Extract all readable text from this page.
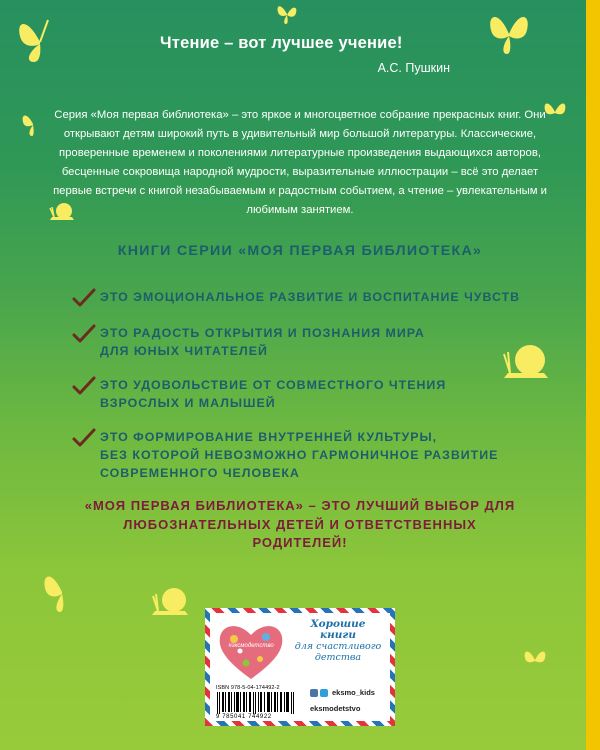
Чтение – вот лучшее учение!
А.С. Пушкин
Серия «Моя первая библиотека» – это яркое и многоцветное собрание прекрасных книг. Они открывают детям широкий путь в удивительный мир большой литературы. Классические, проверенные временем и поколениями литературные произведения выдающихся авторов, бесценные сокровища народной мудрости, выразительные иллюстрации – всё это делает первые встречи с книгой незабываемым и радостным событием, а чтение – увлекательным и любимым занятием.
КНИГИ СЕРИИ «МОЯ ПЕРВАЯ БИБЛИОТЕКА»
ЭТО ЭМОЦИОНАЛЬНОЕ РАЗВИТИЕ И ВОСПИТАНИЕ ЧУВСТВ
ЭТО РАДОСТЬ ОТКРЫТИЯ И ПОЗНАНИЯ МИРА
ДЛЯ ЮНЫХ ЧИТАТЕЛЕЙ
ЭТО УДОВОЛЬСТВИЕ ОТ СОВМЕСТНОГО ЧТЕНИЯ
ВЗРОСЛЫХ И МАЛЫШЕЙ
ЭТО ФОРМИРОВАНИЕ ВНУТРЕННЕЙ КУЛЬТУРЫ,
БЕЗ КОТОРОЙ НЕВОЗМОЖНО ГАРМОНИЧНОЕ РАЗВИТИЕ
СОВРЕМЕННОГО ЧЕЛОВЕКА
«МОЯ ПЕРВАЯ БИБЛИОТЕКА» – ЭТО ЛУЧШИЙ ВЫБОР ДЛЯ ЛЮБОЗНАТЕЛЬНЫХ ДЕТЕЙ И ОТВЕТСТВЕННЫХ РОДИТЕЛЕЙ!
#эксмодетство
Хорошие
книги
для счастливого
детства
ISBN 978-5-04-174492-2
9 785041 744922
eksmo_kids
eksmodetstvo
